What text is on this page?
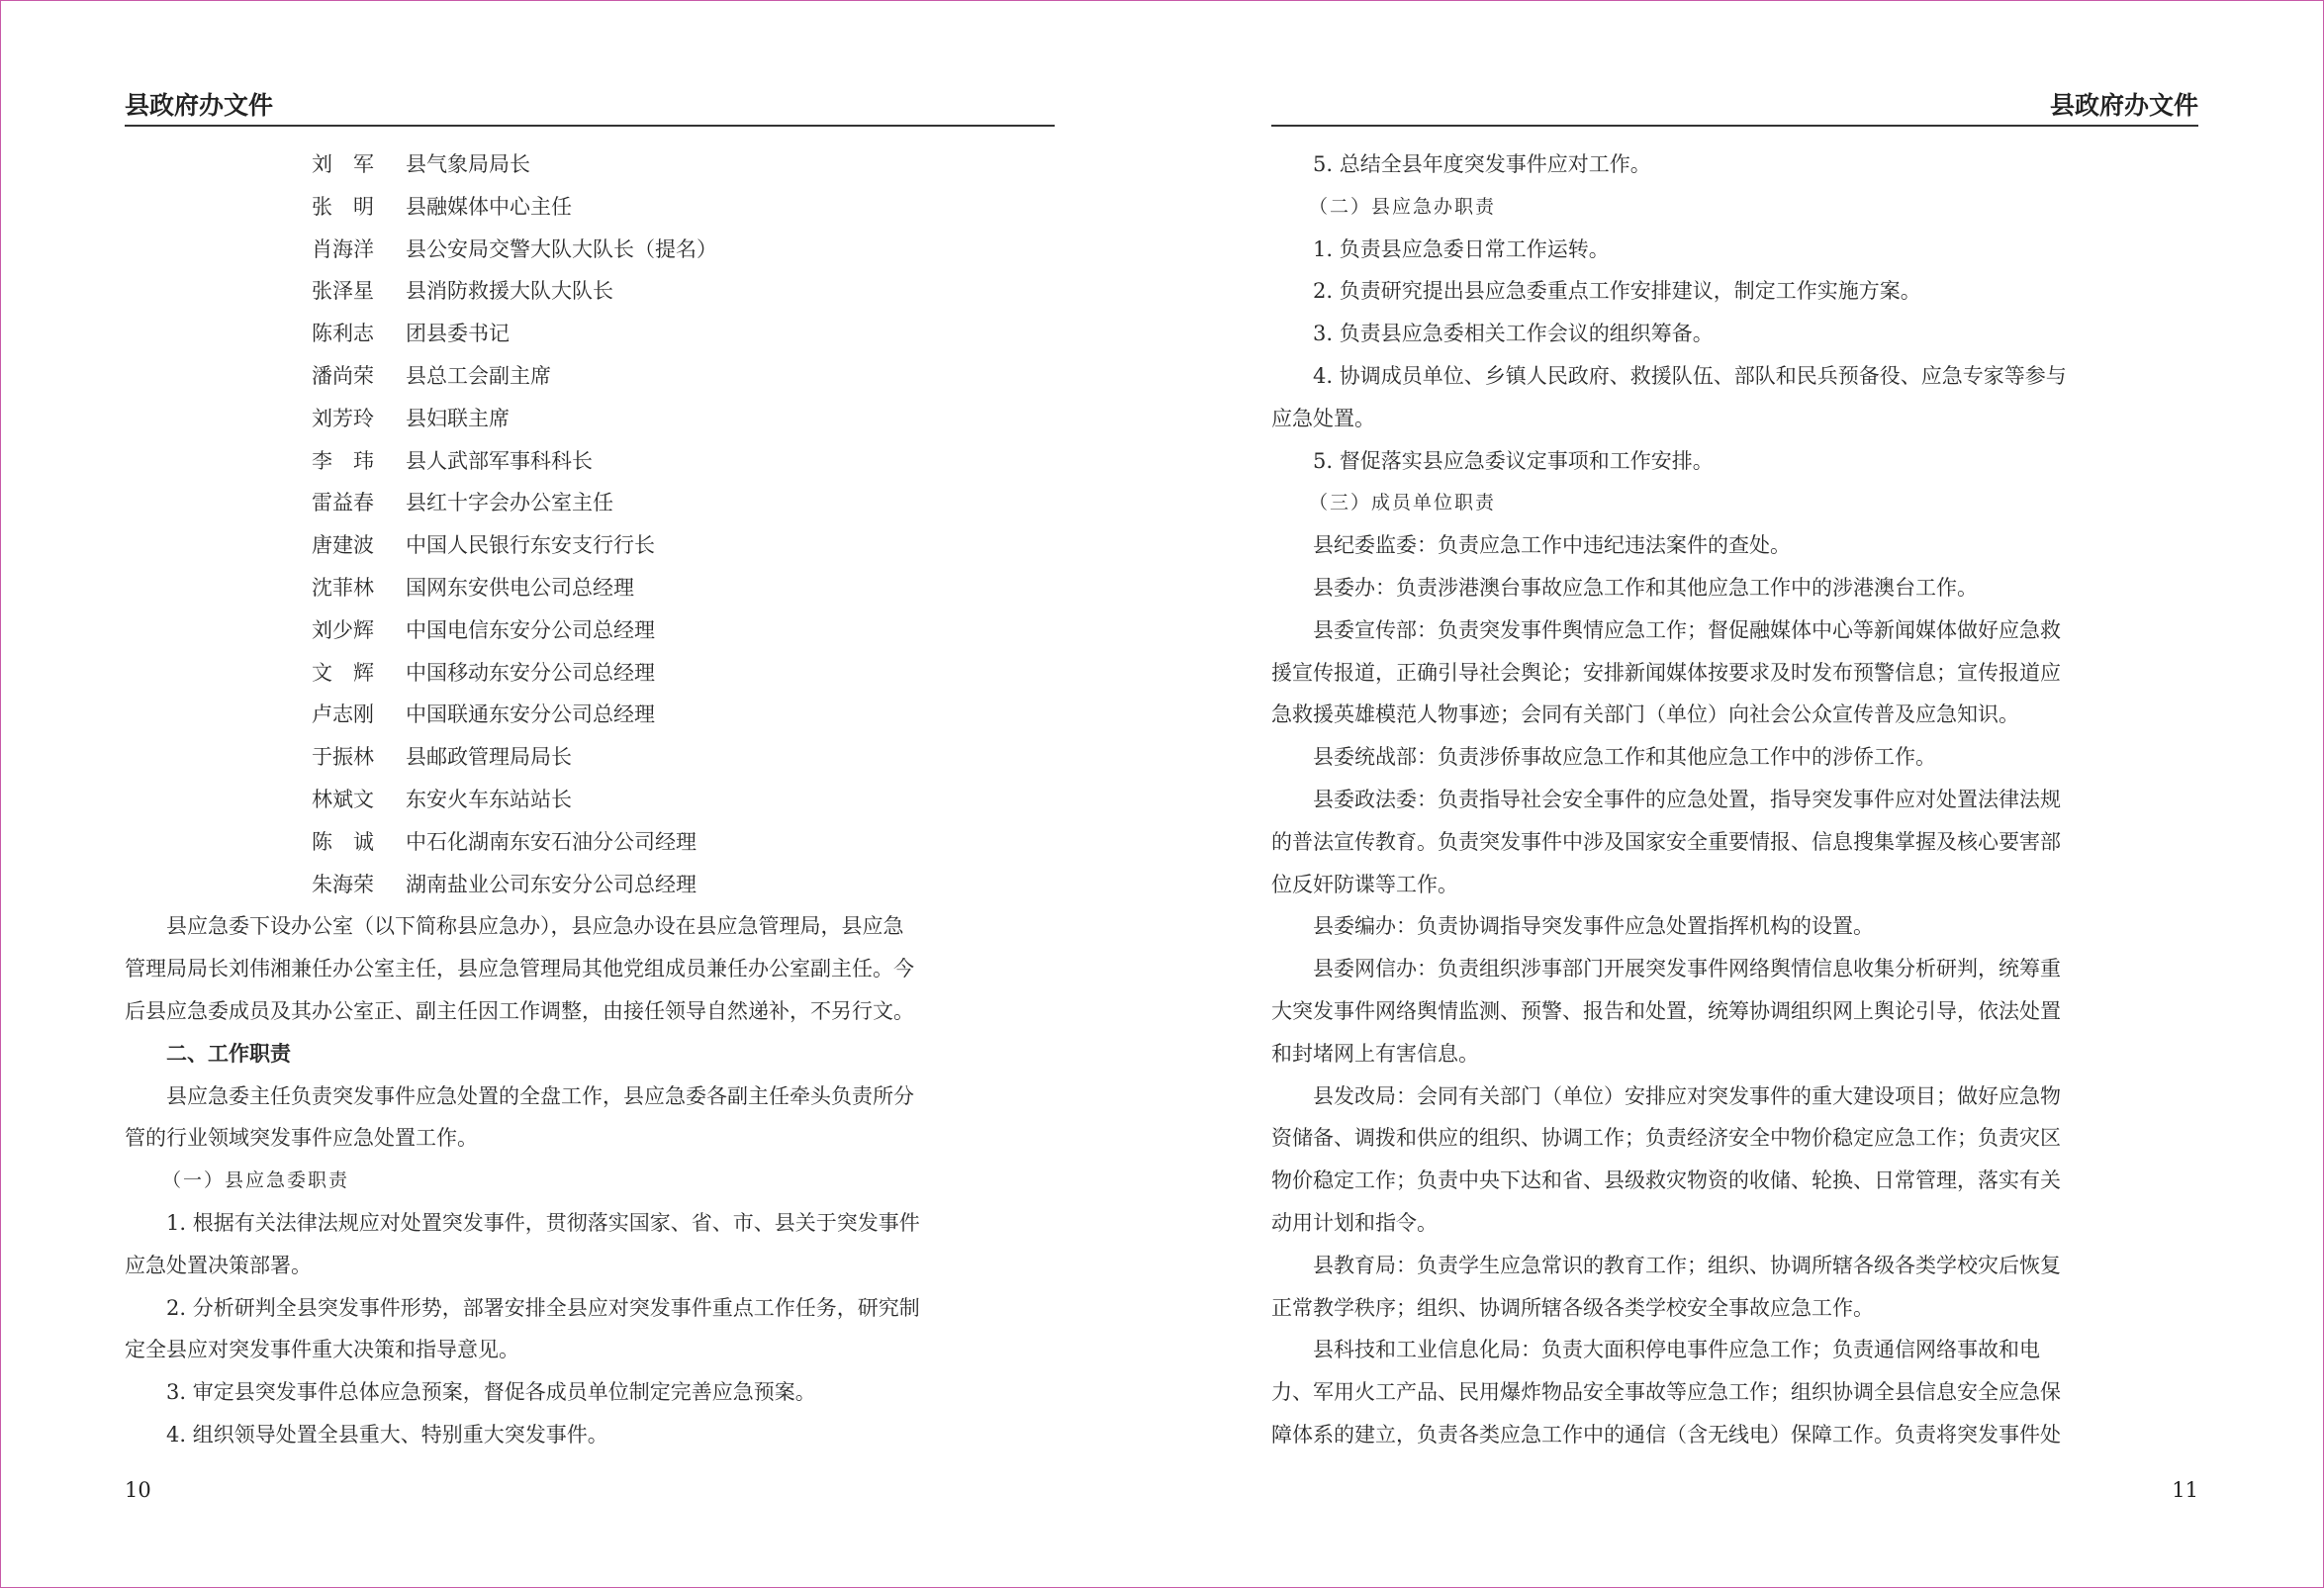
县政府办文件
刘　军 县气象局局长
张　明 县融媒体中心主任
肖海洋 县公安局交警大队大队长（提名）
张泽星 县消防救援大队大队长
陈利志 团县委书记
潘尚荣 县总工会副主席
刘芳玲 县妇联主席
李　玮 县人武部军事科科长
雷益春 县红十字会办公室主任
唐建波 中国人民银行东安支行行长
沈菲林 国网东安供电公司总经理
刘少辉 中国电信东安分公司总经理
文　辉 中国移动东安分公司总经理
卢志刚 中国联通东安分公司总经理
于振林 县邮政管理局局长
林斌文 东安火车东站站长
陈　诚 中石化湖南东安石油分公司经理
朱海荣 湖南盐业公司东安分公司总经理
县应急委下设办公室（以下简称县应急办），县应急办设在县应急管理局，县应急
管理局局长刘伟湘兼任办公室主任，县应急管理局其他党组成员兼任办公室副主任。今
后县应急委成员及其办公室正、副主任因工作调整，由接任领导自然递补，不另行文。
二、工作职责
县应急委主任负责突发事件应急处置的全盘工作，县应急委各副主任牵头负责所分
管的行业领域突发事件应急处置工作。
（一）县应急委职责
1. 根据有关法律法规应对处置突发事件，贯彻落实国家、省、市、县关于突发事件
应急处置决策部署。
2. 分析研判全县突发事件形势，部署安排全县应对突发事件重点工作任务，研究制
定全县应对突发事件重大决策和指导意见。
3. 审定县突发事件总体应急预案，督促各成员单位制定完善应急预案。
4. 组织领导处置全县重大、特别重大突发事件。
10
县政府办文件
5. 总结全县年度突发事件应对工作。
（二）县应急办职责
1. 负责县应急委日常工作运转。
2. 负责研究提出县应急委重点工作安排建议，制定工作实施方案。
3. 负责县应急委相关工作会议的组织筹备。
4. 协调成员单位、乡镇人民政府、救援队伍、部队和民兵预备役、应急专家等参与
应急处置。
5. 督促落实县应急委议定事项和工作安排。
（三）成员单位职责
县纪委监委：负责应急工作中违纪违法案件的查处。
县委办：负责涉港澳台事故应急工作和其他应急工作中的涉港澳台工作。
县委宣传部：负责突发事件舆情应急工作；督促融媒体中心等新闻媒体做好应急救
援宣传报道，正确引导社会舆论；安排新闻媒体按要求及时发布预警信息；宣传报道应
急救援英雄模范人物事迹；会同有关部门（单位）向社会公众宣传普及应急知识。
县委统战部：负责涉侨事故应急工作和其他应急工作中的涉侨工作。
县委政法委：负责指导社会安全事件的应急处置，指导突发事件应对处置法律法规
的普法宣传教育。负责突发事件中涉及国家安全重要情报、信息搜集掌握及核心要害部
位反奸防谍等工作。
县委编办：负责协调指导突发事件应急处置指挥机构的设置。
县委网信办：负责组织涉事部门开展突发事件网络舆情信息收集分析研判，统筹重
大突发事件网络舆情监测、预警、报告和处置，统筹协调组织网上舆论引导，依法处置
和封堵网上有害信息。
县发改局：会同有关部门（单位）安排应对突发事件的重大建设项目；做好应急物
资储备、调拨和供应的组织、协调工作；负责经济安全中物价稳定应急工作；负责灾区
物价稳定工作；负责中央下达和省、县级救灾物资的收储、轮换、日常管理，落实有关
动用计划和指令。
县教育局：负责学生应急常识的教育工作；组织、协调所辖各级各类学校灾后恢复
正常教学秩序；组织、协调所辖各级各类学校安全事故应急工作。
县科技和工业信息化局：负责大面积停电事件应急工作；负责通信网络事故和电
力、军用火工产品、民用爆炸物品安全事故等应急工作；组织协调全县信息安全应急保
障体系的建立，负责各类应急工作中的通信（含无线电）保障工作。负责将突发事件处
11
